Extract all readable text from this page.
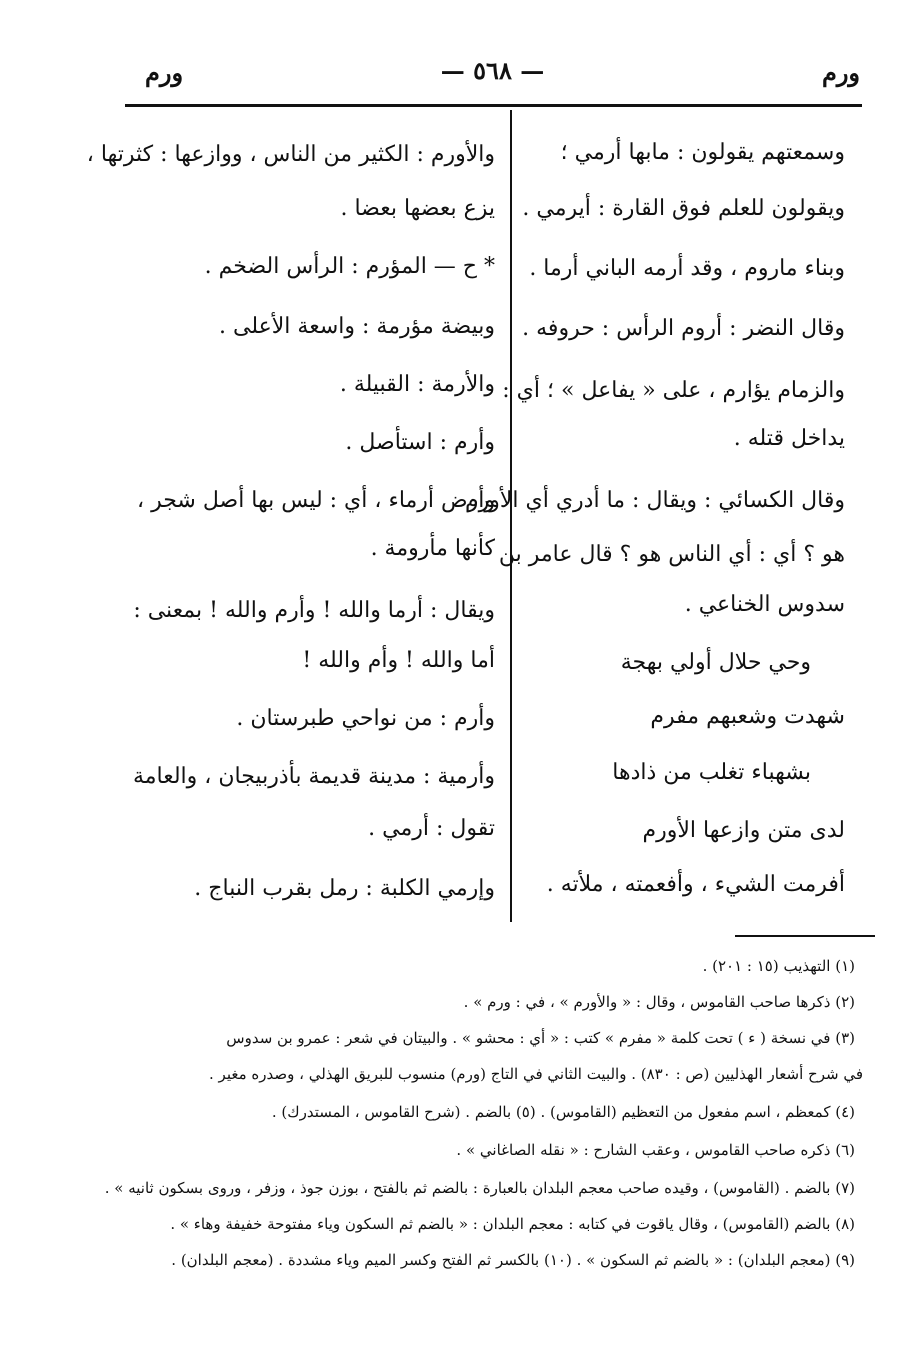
ورم
— ٥٦٨ —
ورم
وسمعتهم يقولون : مابها أرمي ؛
ويقولون للعلم فوق القارة : أيرمي .
وبناء ماروم ، وقد أرمه الباني أرما .
وقال النضر : أروم الرأس : حروفه .
والزمام يؤارم ، على « يفاعل » ؛ أي :
يداخل قتله .
وقال الكسائي : ويقال : ما أدري أي الأورم
هو ؟ أي : أي الناس هو ؟ قال عامر بن
سدوس الخناعي .
وحي حلال أولي بهجة
شهدت وشعبهم مفرم
بشهباء تغلب من ذادها
لدى متن وازعها الأورم
أفرمت الشيء ، وأفعمته ، ملأته .
والأورم : الكثير من الناس ، ووازعها : كثرتها ،
يزع بعضها بعضا .
* ح — المؤرم : الرأس الضخم .
وبيضة مؤرمة : واسعة الأعلى .
والأرمة : القبيلة .
وأرم : استأصل .
وأرض أرماء ، أي : ليس بها أصل شجر ،
كأنها مأرومة .
ويقال : أرما والله ! وأرم والله ! بمعنى :
أما والله ! وأم والله !
وأرم : من نواحي طبرستان .
وأرمية : مدينة قديمة بأذربيجان ، والعامة
تقول : أرمي .
وإرمي الكلبة : رمل بقرب النباج .
(١) التهذيب (١٥ : ٢٠١) .
(٢) ذكرها صاحب القاموس ، وقال : « والأورم » ، في : ورم » .
(٣) في نسخة ( ء ) تحت كلمة « مفرم » كتب : « أي : محشو » . والبيتان في شعر : عمرو بن سدوس
في شرح أشعار الهذليين (ص : ٨٣٠) . والبيت الثاني في التاج (ورم) منسوب للبريق الهذلي ، وصدره مغير .
(٤) كمعظم ، اسم مفعول من التعظيم (القاموس) . (٥) بالضم . (شرح القاموس ، المستدرك) .
(٦) ذكره صاحب القاموس ، وعقب الشارح : « نقله الصاغاني » .
(٧) بالضم . (القاموس) ، وقيده صاحب معجم البلدان بالعبارة : بالضم ثم بالفتح ، بوزن جوذ ، وزفر ، وروى بسكون ثانيه » .
(٨) بالضم (القاموس) ، وقال ياقوت في كتابه : معجم البلدان : « بالضم ثم السكون وياء مفتوحة خفيفة وهاء » .
(٩) (معجم البلدان) : « بالضم ثم السكون » . (١٠) بالكسر ثم الفتح وكسر الميم وياء مشددة . (معجم البلدان) .
